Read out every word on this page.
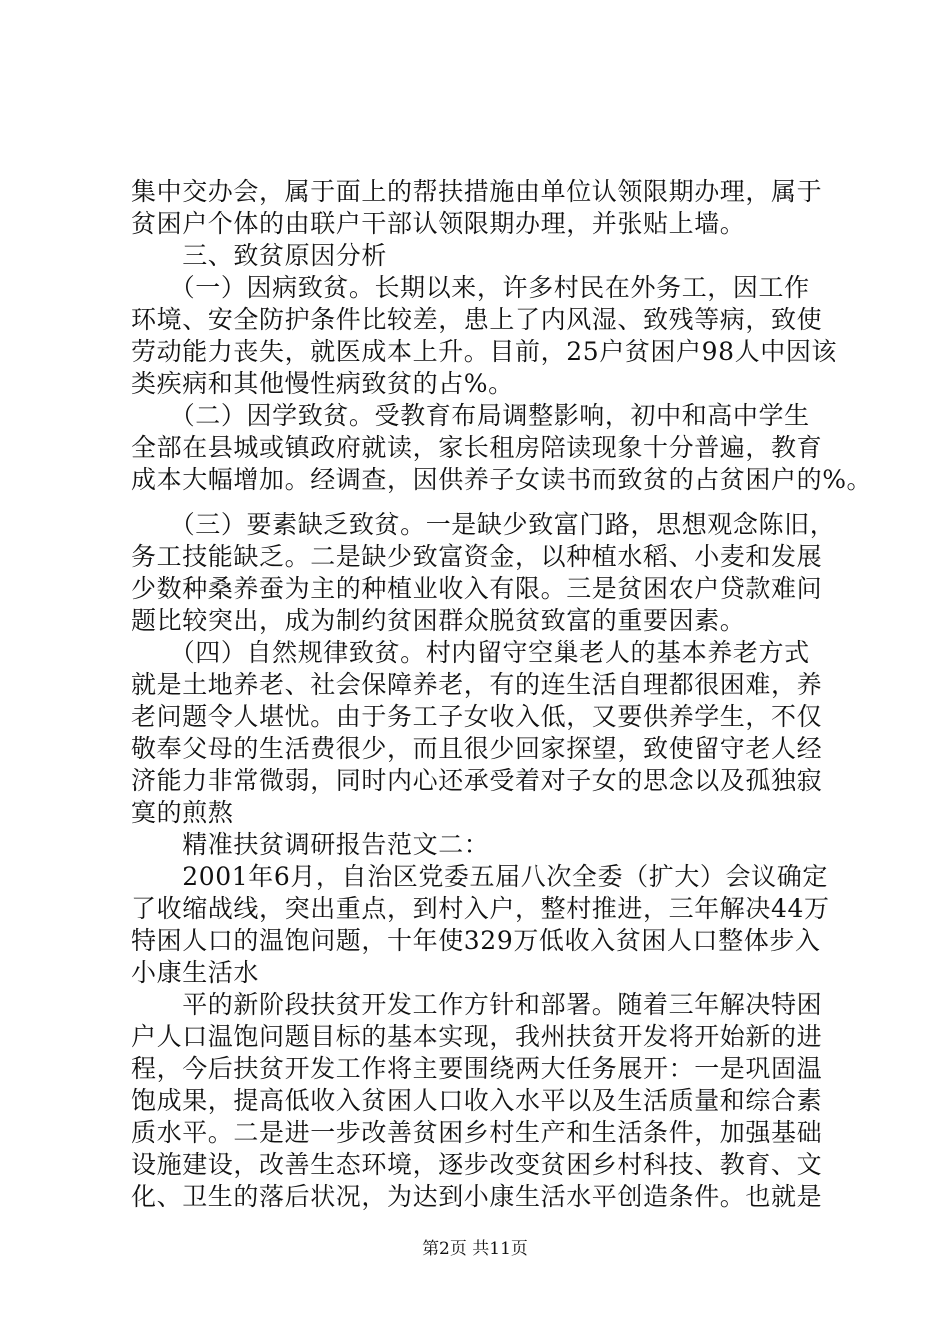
集中交办会，属于面上的帮扶措施由单位认领限期办理，属于
贫困户个体的由联户干部认领限期办理，并张贴上墙。
　　三、致贫原因分析
　　（一）因病致贫。长期以来，许多村民在外务工，因工作
环境、安全防护条件比较差，患上了内风湿、致残等病，致使
劳动能力丧失，就医成本上升。目前，25户贫困户98人中因该
类疾病和其他慢性病致贫的占%。
　　（二）因学致贫。受教育布局调整影响，初中和高中学生
全部在县城或镇政府就读，家长租房陪读现象十分普遍，教育
成本大幅增加。经调查，因供养子女读书而致贫的占贫困户的%。
　　（三）要素缺乏致贫。一是缺少致富门路，思想观念陈旧，
务工技能缺乏。二是缺少致富资金，以种植水稻、小麦和发展
少数种桑养蚕为主的种植业收入有限。三是贫困农户贷款难问
题比较突出，成为制约贫困群众脱贫致富的重要因素。
　　（四）自然规律致贫。村内留守空巢老人的基本养老方式
就是土地养老、社会保障养老，有的连生活自理都很困难，养
老问题令人堪忧。由于务工子女收入低，又要供养学生，不仅
敬奉父母的生活费很少，而且很少回家探望，致使留守老人经
济能力非常微弱，同时内心还承受着对子女的思念以及孤独寂
寞的煎熬
　　精准扶贫调研报告范文二：
　　2001年6月，自治区党委五届八次全委（扩大）会议确定
了收缩战线，突出重点，到村入户，整村推进，三年解决44万
特困人口的温饱问题，十年使329万低收入贫困人口整体步入
小康生活水
　　平的新阶段扶贫开发工作方针和部署。随着三年解决特困
户人口温饱问题目标的基本实现，我州扶贫开发将开始新的进
程，今后扶贫开发工作将主要围绕两大任务展开：一是巩固温
饱成果，提高低收入贫困人口收入水平以及生活质量和综合素
质水平。二是进一步改善贫困乡村生产和生活条件，加强基础
设施建设，改善生态环境，逐步改变贫困乡村科技、教育、文
化、卫生的落后状况，为达到小康生活水平创造条件。也就是
第2页 共11页
